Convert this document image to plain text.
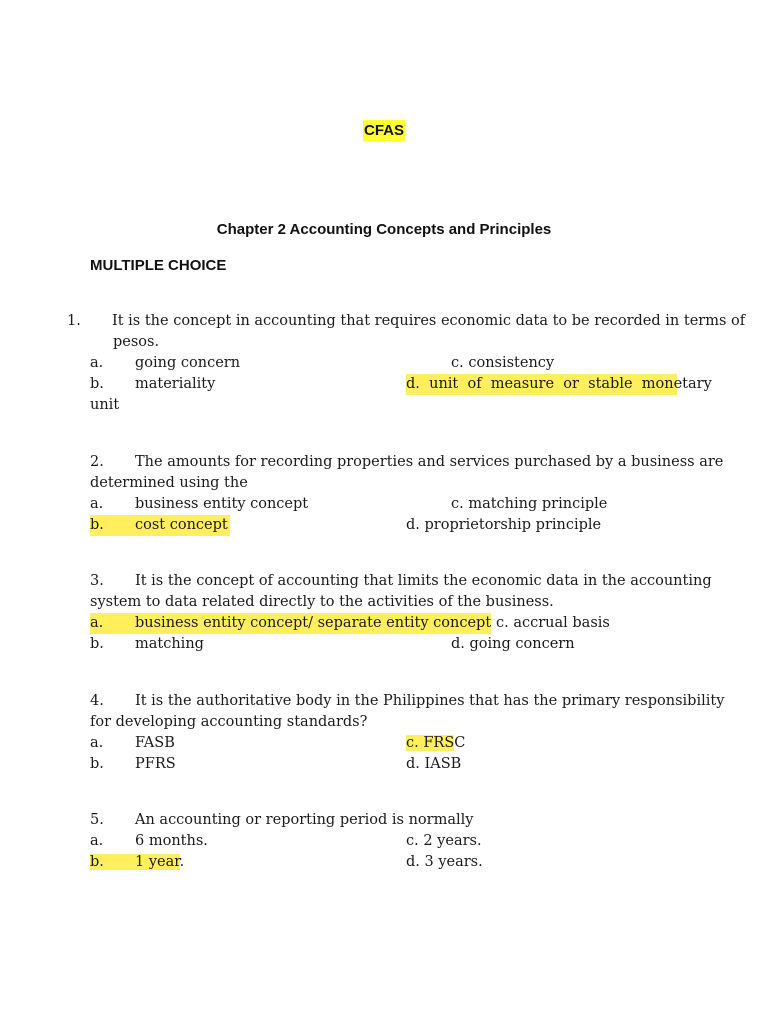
CFAS
Chapter 2 Accounting Concepts and Principles
MULTIPLE CHOICE
1. It is the concept in accounting that requires economic data to be recorded in terms of
pesos.
a. going concern	c. consistency
b. materiality	d.  unit  of  measure  or  stable  monetary
unit
2. The amounts for recording properties and services purchased by a business are
determined using the
a. business entity concept	c. matching principle
b. cost concept	d. proprietorship principle
3. It is the concept of accounting that limits the economic data in the accounting
system to data related directly to the activities of the business.
a. business entity concept/ separate entity concept c. accrual basis
b. matching	d. going concern
4. It is the authoritative body in the Philippines that has the primary responsibility
for developing accounting standards?
a. FASB	c. FRSC
b. PFRS	d. IASB
5. An accounting or reporting period is normally
a. 6 months.	c. 2 years.
b. 1 year.	d. 3 years.
